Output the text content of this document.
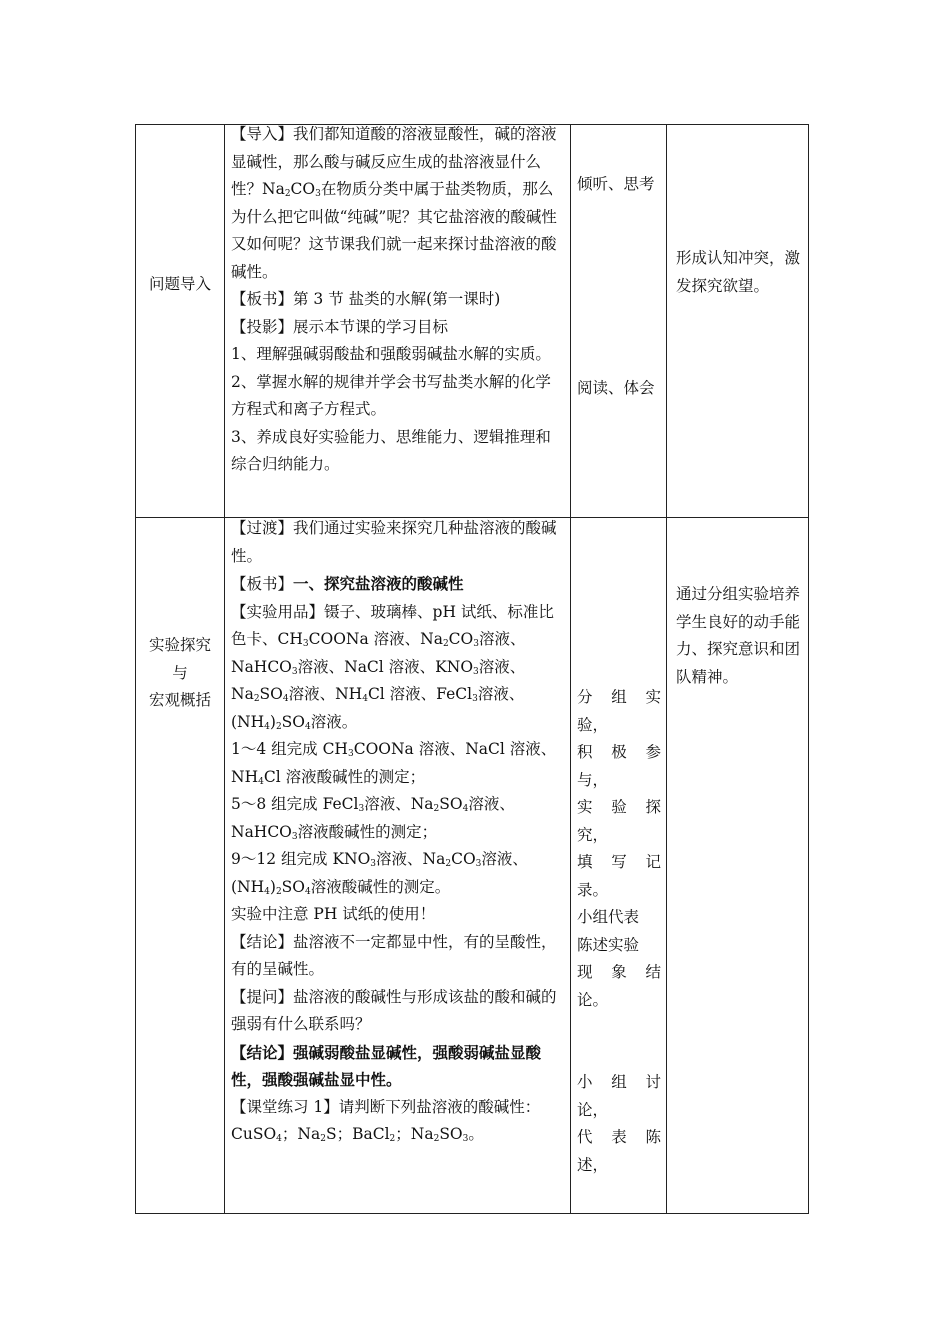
问题导入

【导入】我们都知道酸的溶液显酸性，碱的溶液显碱性，那么酸与碱反应生成的盐溶液显什么性？$Na_2CO_3$在物质分类中属于盐类物质，那么为什么把它叫做“纯碱”呢？其它盐溶液的酸碱性又如何呢？这节课我们就一起来探讨盐溶液的酸碱性。

【板书】第 3 节 盐类的水解(第一课时)

【投影】展示本节课的学习目标

1、理解强碱弱酸盐和强酸弱碱盐水解的实质。

2、掌握水解的规律并学会书写盐类水解的化学方程式和离子方程式。

3、养成良好实验能力、思维能力、逻辑推理和综合归纳能力。

倾听、思考

阅读、体会

形成认知冲突，激发探究欲望。

实验探究

与

宏观概括

【过渡】我们通过实验来探究几种盐溶液的酸碱性。

【板书】一、探究盐溶液的酸碱性

【实验用品】镊子、玻璃棒、pH 试纸、标准比色卡、$CH_3COONa$ 溶液、$Na_2CO_3$溶液、NaHCO$_3$溶液、NaCl 溶液、$KNO_3$溶液、$Na_2SO_4$溶液、$NH_4Cl$ 溶液、FeCl$_3$溶液、$(NH_4)_2SO_4$溶液。

1～4 组完成 $CH_3COONa$ 溶液、NaCl 溶液、$NH_4Cl$ 溶液酸碱性的测定；

5～8 组完成 FeCl$_3$溶液、$Na_2SO_4$溶液、NaHCO$_3$溶液酸碱性的测定；

9～12 组完成 $KNO_3$溶液、$Na_2CO_3$溶液、$(NH_4)_2SO_4$溶液酸碱性的测定。

实验中注意 PH 试纸的使用！

【结论】盐溶液不一定都显中性，有的呈酸性，有的呈碱性。

【提问】盐溶液的酸碱性与形成该盐的酸和碱的强弱有什么联系吗？

【结论】强碱弱酸盐显碱性，强酸弱碱盐显酸性，强酸强碱盐显中性。

【课堂练习 1】请判断下列盐溶液的酸碱性：

CuSO$_4$；$Na_2S$；BaCl$_2$；$Na_2SO_3$。

分组实

验，

积极参

与，

实验探

究，

填写记

录。

小组代表

陈述实验

现象结

论。

小组讨

论，

代表陈

述，

通过分组实验培养学生良好的动手能力、探究意识和团队精神。
